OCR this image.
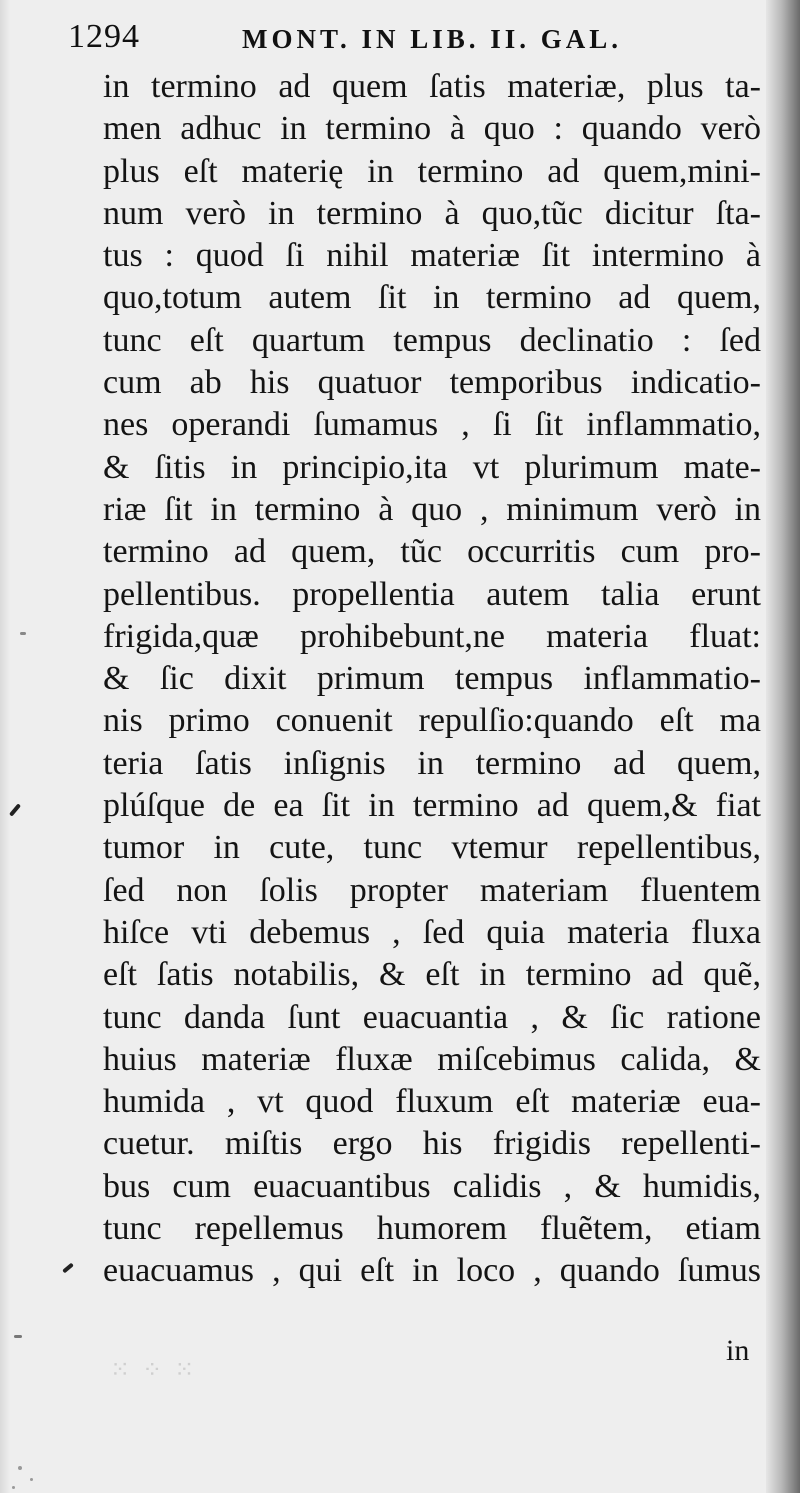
1294	MONT. IN LIB. II. GAL.
in termino ad quem ſatis materiæ, plus ta-
men adhuc in termino à quo : quando verò
plus eſt materię in termino ad quem,mini-
num verò in termino à quo,tũc dicitur ſta-
tus : quod ſi nihil materiæ ſit intermino à
quo,totum autem ſit in termino ad quem,
tunc eſt quartum tempus declinatio : ſed
cum ab his quatuor temporibus indicatio-
nes operandi ſumamus , ſi ſit inflammatio,
& ſitis in principio,ita vt plurimum mate-
riæ ſit in termino à quo , minimum verò in
termino ad quem, tũc occurritis cum pro-
pellentibus. propellentia autem talia erunt
frigida,quæ prohibebunt,ne materia fluat:
& ſic dixit primum tempus inflammatio-
nis primo conuenit repulſio:quando eſt ma
teria ſatis inſignis in termino ad quem,
plúſque de ea ſit in termino ad quem,& fiat
tumor in cute, tunc vtemur repellentibus,
ſed non ſolis propter materiam fluentem
hiſce vti debemus , ſed quia materia fluxa
eſt ſatis notabilis, & eſt in termino ad quẽ,
tunc danda ſunt euacuantia , & ſic ratione
huius materiæ fluxæ miſcebimus calida, &
humida , vt quod fluxum eſt materiæ eua-
cuetur. miſtis ergo his frigidis repellenti-
bus cum euacuantibus calidis , & humidis,
tunc repellemus humorem fluẽtem, etiam
euacuamus , qui eſt in loco , quando ſumus
in
⁙ ⁘ ⁙
